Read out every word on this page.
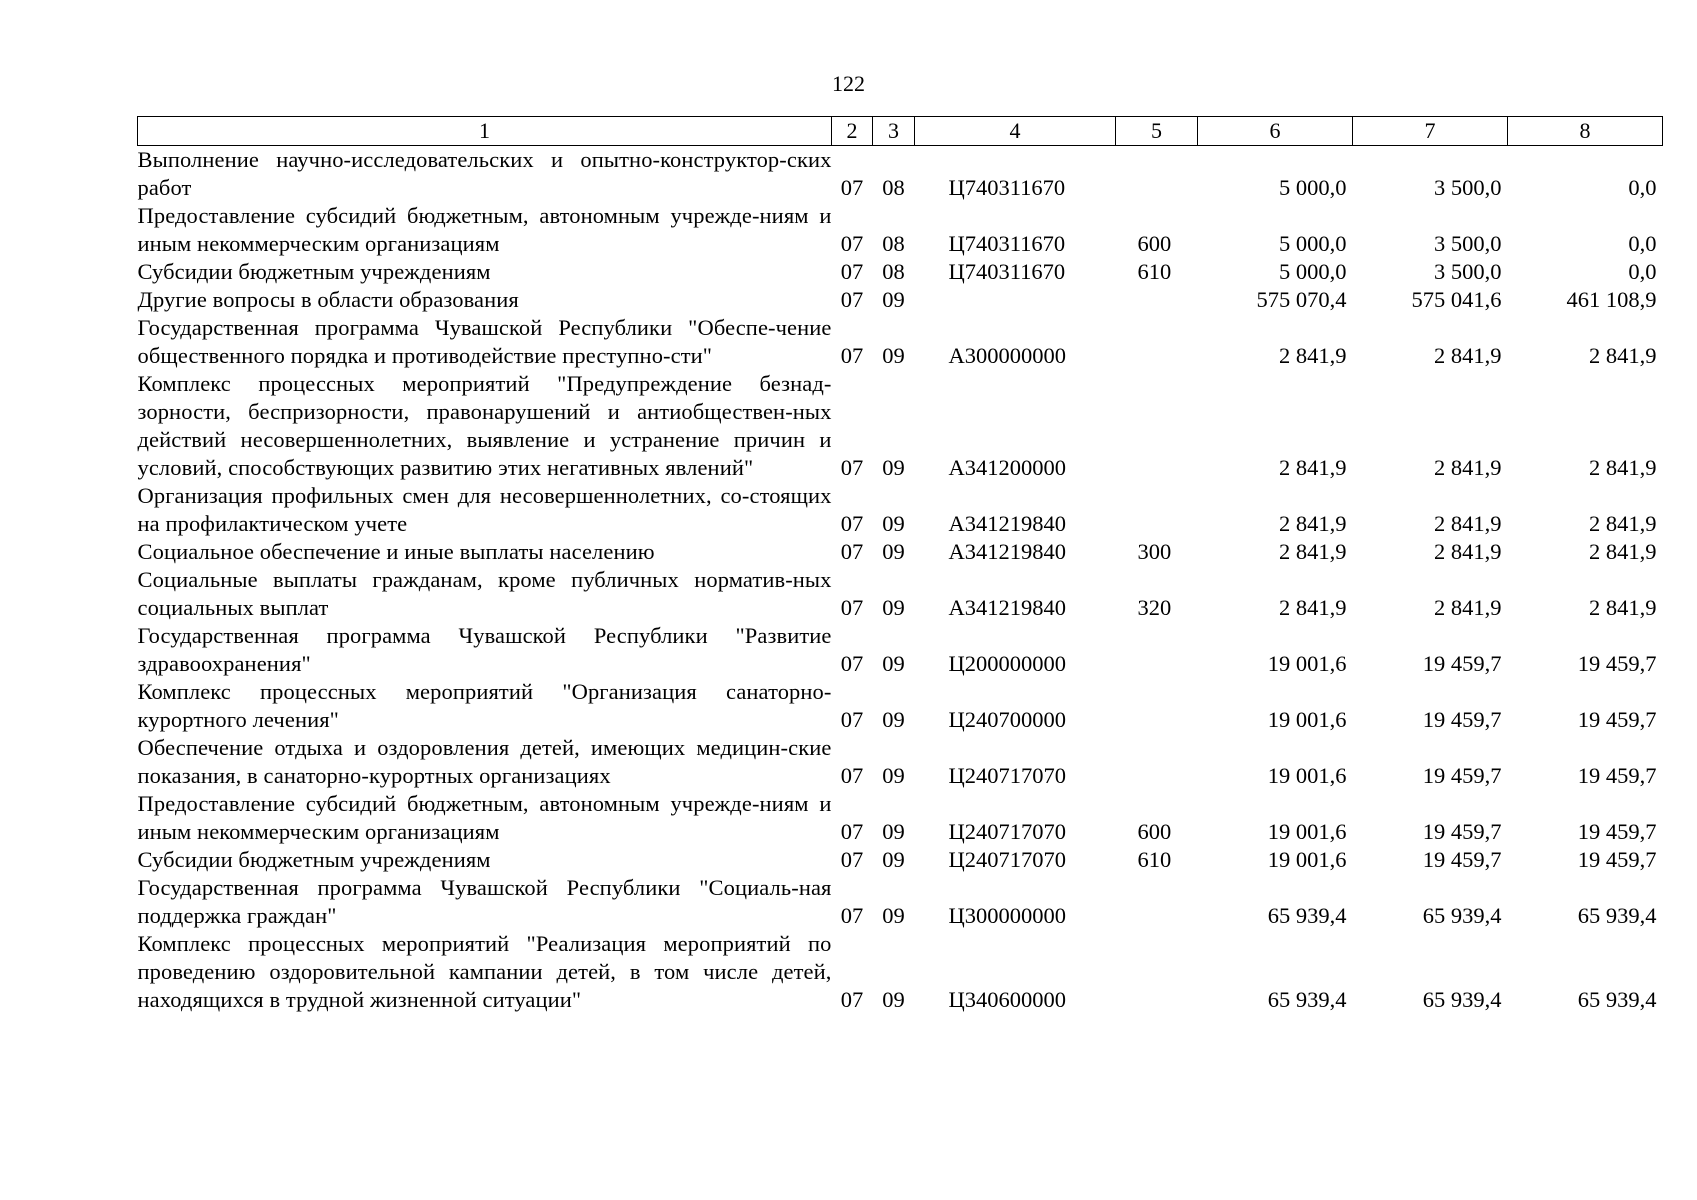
122
1	2	3	4	5	6	7	8
Выполнение научно-исследовательских и опытно-конструктор-ских работ	07	08	Ц740311670		5 000,0	3 500,0	0,0
Предоставление субсидий бюджетным, автономным учрежде-ниям и иным некоммерческим организациям	07	08	Ц740311670	600	5 000,0	3 500,0	0,0
Субсидии бюджетным учреждениям	07	08	Ц740311670	610	5 000,0	3 500,0	0,0
Другие вопросы в области образования	07	09			575 070,4	575 041,6	461 108,9
Государственная программа Чувашской Республики "Обеспе-чение общественного порядка и противодействие преступно-сти"	07	09	А300000000		2 841,9	2 841,9	2 841,9
Комплекс процессных мероприятий "Предупреждение безнад-зорности, беспризорности, правонарушений и антиобществен-ных действий несовершеннолетних, выявление и устранение причин и условий, способствующих развитию этих негативных явлений"	07	09	А341200000		2 841,9	2 841,9	2 841,9
Организация профильных смен для несовершеннолетних, со-стоящих на профилактическом учете	07	09	А341219840		2 841,9	2 841,9	2 841,9
Социальное обеспечение и иные выплаты населению	07	09	А341219840	300	2 841,9	2 841,9	2 841,9
Социальные выплаты гражданам, кроме публичных норматив-ных социальных выплат	07	09	А341219840	320	2 841,9	2 841,9	2 841,9
Государственная программа Чувашской Республики "Развитие здравоохранения"	07	09	Ц200000000		19 001,6	19 459,7	19 459,7
Комплекс процессных мероприятий "Организация санаторно-курортного лечения"	07	09	Ц240700000		19 001,6	19 459,7	19 459,7
Обеспечение отдыха и оздоровления детей, имеющих медицин-ские показания, в санаторно-курортных организациях	07	09	Ц240717070		19 001,6	19 459,7	19 459,7
Предоставление субсидий бюджетным, автономным учрежде-ниям и иным некоммерческим организациям	07	09	Ц240717070	600	19 001,6	19 459,7	19 459,7
Субсидии бюджетным учреждениям	07	09	Ц240717070	610	19 001,6	19 459,7	19 459,7
Государственная программа Чувашской Республики "Социаль-ная поддержка граждан"	07	09	Ц300000000		65 939,4	65 939,4	65 939,4
Комплекс процессных мероприятий "Реализация мероприятий по проведению оздоровительной кампании детей, в том числе детей, находящихся в трудной жизненной ситуации"	07	09	Ц340600000		65 939,4	65 939,4	65 939,4
